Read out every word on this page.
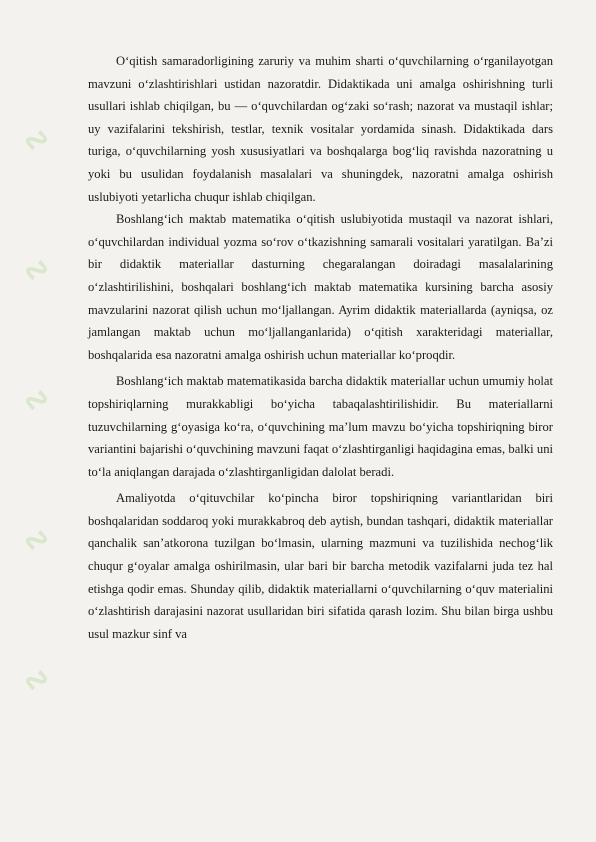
∿
∿
∿
∿
∿

O‘qitish samaradorligining zaruriy va muhim sharti o‘quvchilarning o‘rganilayotgan mavzuni o‘zlashtirishlari ustidan nazoratdir. Didaktikada uni amalga oshirishning turli usullari ishlab chiqilgan, bu — o‘quvchilardan og‘zaki so‘rash; nazorat va mustaqil ishlar; uy vazifalarini tekshirish, testlar, texnik vositalar yordamida sinash. Didaktikada dars turiga, o‘quvchilarning yosh xususiyatlari va boshqalarga bog‘liq ravishda nazoratning u yoki bu usulidan foydalanish masalalari va shuningdek, nazoratni amalga oshirish uslubiyoti yetarlicha chuqur ishlab chiqilgan.

Boshlang‘ich maktab matematika o‘qitish uslubiyotida mustaqil va nazorat ishlari, o‘quvchilardan individual yozma so‘rov o‘tkazishning samarali vositalari yaratilgan. Ba’zi bir didaktik materiallar dasturning chegaralangan doiradagi masalalarining o‘zlashtirilishini, boshqalari boshlang‘ich maktab matematika kursining barcha asosiy mavzularini nazorat qilish uchun mo‘ljallangan. Ayrim didaktik materiallarda (ayniqsa, oz jamlangan maktab uchun mo‘ljallanganlarida) o‘qitish xarakteridagi materiallar, boshqalarida esa nazoratni amalga oshirish uchun materiallar ko‘proqdir.

Boshlang‘ich maktab matematikasida barcha didaktik materiallar uchun umumiy holat topshiriqlarning murakkabligi bo‘yicha tabaqalashtirilishidir. Bu materiallarni tuzuvchilarning g‘oyasiga ko‘ra, o‘quvchining ma’lum mavzu bo‘yicha topshiriqning biror variantini bajarishi o‘quvchining mavzuni faqat o‘zlashtirganligi haqidagina emas, balki uni to‘la aniqlangan darajada o‘zlashtirganligidan dalolat beradi.

Amaliyotda o‘qituvchilar ko‘pincha biror topshiriqning variantlaridan biri boshqalaridan soddaroq yoki murakkabroq deb aytish, bundan tashqari, didaktik materiallar qanchalik san’atkorona tuzilgan bo‘lmasin, ularning mazmuni va tuzilishida nechog‘lik chuqur g‘oyalar amalga oshirilmasin, ular bari bir barcha metodik vazifalarni juda tez hal etishga qodir emas. Shunday qilib, didaktik materiallarni o‘quvchilarning o‘quv materialini o‘zlashtirish darajasini nazorat usullaridan biri sifatida qarash lozim. Shu bilan birga ushbu usul mazkur sinf va
